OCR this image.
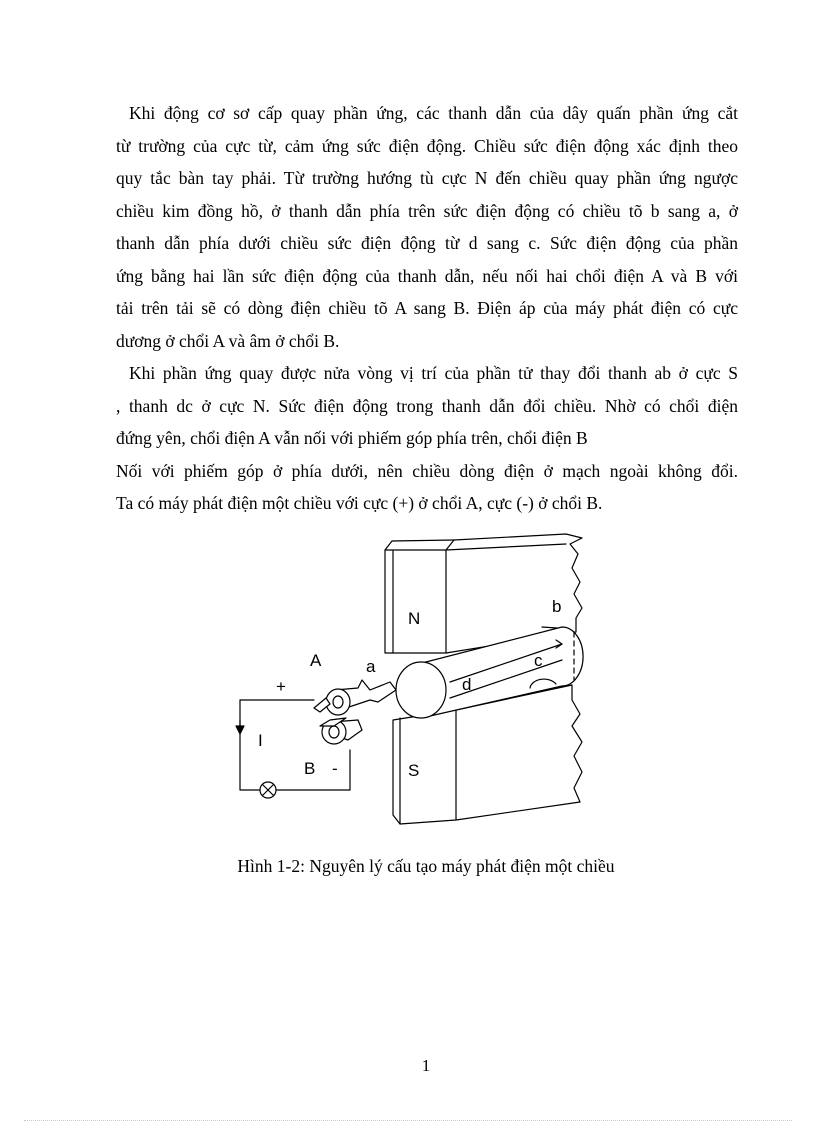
Khi động cơ sơ cấp quay phần ứng, các thanh dẫn của dây quấn phần ứng cắt
từ trường của cực từ, cảm ứng sức điện động. Chiều sức điện động xác định theo
quy tắc bàn tay phải. Từ trường hướng tù cực N đến chiều quay phần ứng ngược
chiều kim đồng hồ, ở thanh dẫn phía trên sức điện động có chiều tõ b sang a, ở
thanh dẫn phía dưới chiều sức điện động từ d sang c. Sức điện động của phần
ứng bằng hai lần sức điện động của thanh dẫn, nếu nối hai chổi điện A và B với
tải trên tải sẽ có dòng điện chiều tõ A sang B. Điện áp của máy phát điện có cực
dương ở chổi A và âm ở chổi B.
Khi phần ứng quay được nửa vòng vị trí của phần tử thay đổi thanh ab ở cực S
, thanh dc ở cực N. Sức điện động trong thanh dẫn đổi chiều. Nhờ có chổi điện
đứng yên, chổi điện A vẫn nối với phiếm góp phía trên, chổi điện B
Nối với phiếm góp ở phía dưới, nên chiều dòng điện ở mạch ngoài không đổi.
Ta có máy phát điện một chiều với cực (+) ở chổi A, cực (-) ở chổi B.
N
S
A	a
b
c
d
+
I
B -
Hình 1-2: Nguyên lý cấu tạo máy phát điện một chiều
1
